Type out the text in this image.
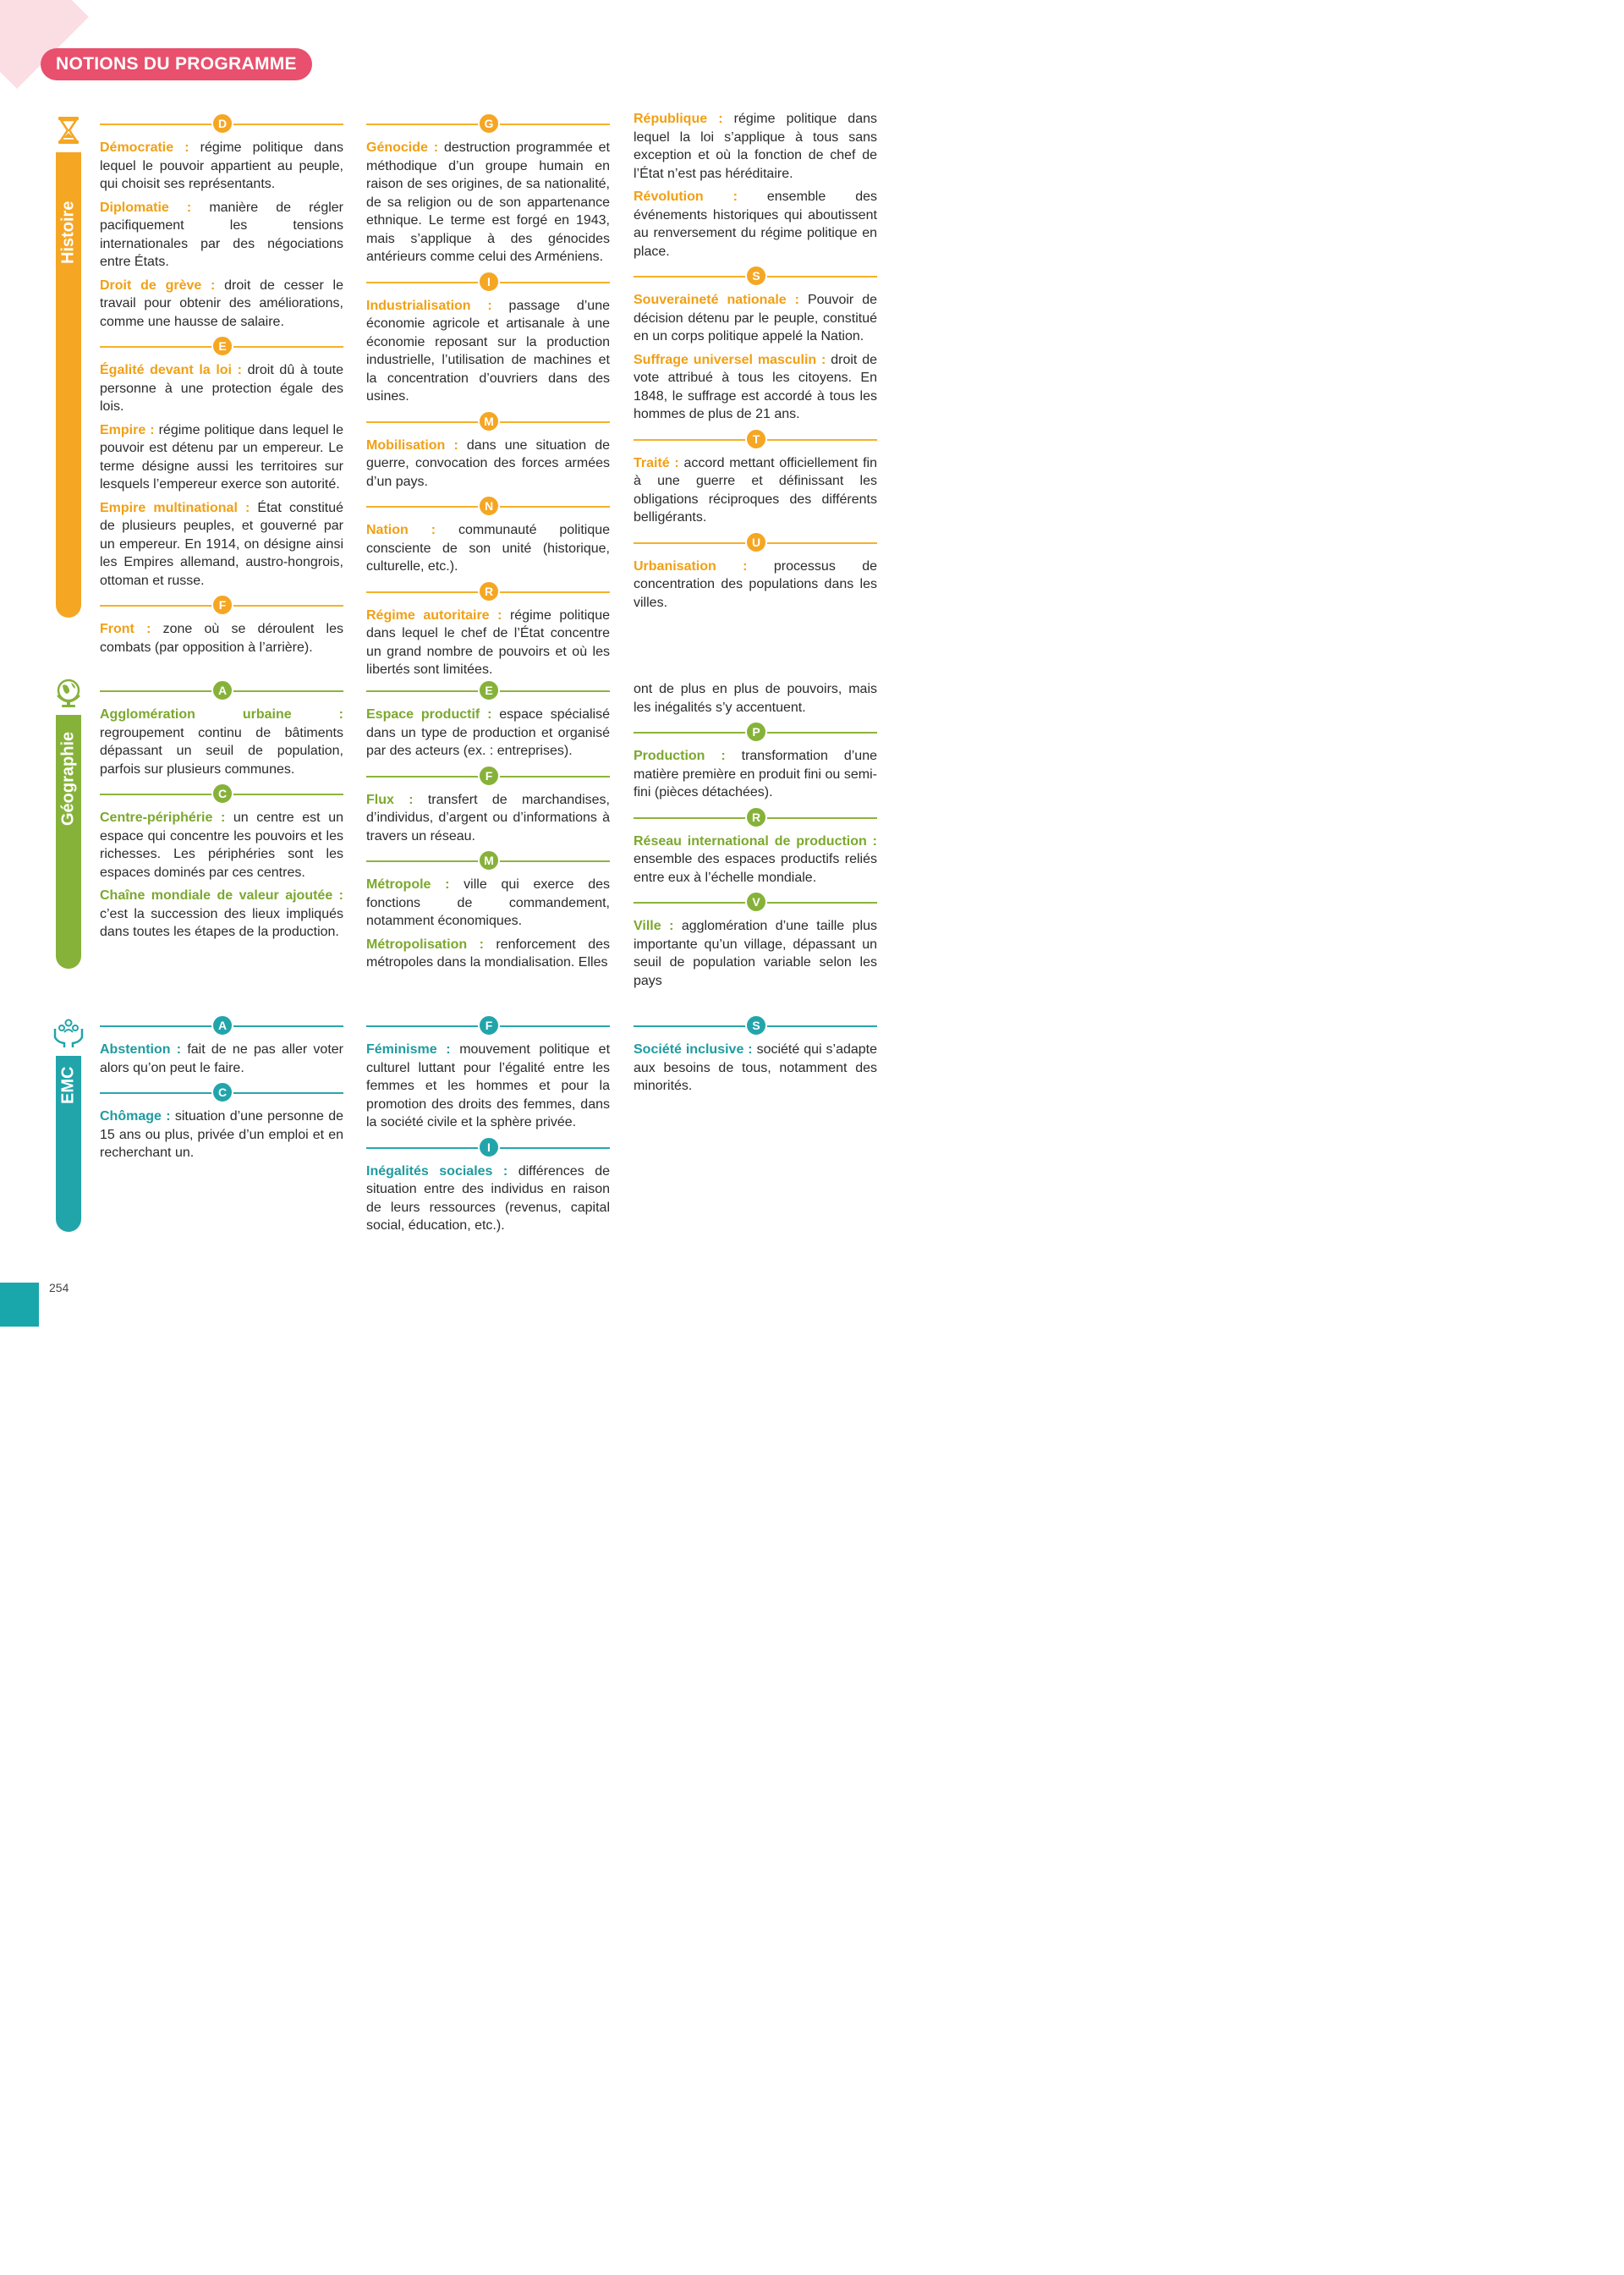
NOTIONS DU PROGRAMME
Histoire
D
Démocratie : régime politique dans lequel le pouvoir appartient au peuple, qui choisit ses représentants.
Diplomatie : manière de régler pacifiquement les tensions internationales par des négociations entre États.
Droit de grève : droit de cesser le travail pour obtenir des améliorations, comme une hausse de salaire.
E
Égalité devant la loi : droit dû à toute personne à une protection égale des lois.
Empire : régime politique dans lequel le pouvoir est détenu par un empereur. Le terme désigne aussi les territoires sur lesquels l’empereur exerce son autorité.
Empire multinational : État constitué de plusieurs peuples, et gouverné par un empereur. En 1914, on désigne ainsi les Empires allemand, austro-hongrois, ottoman et russe.
F
Front : zone où se déroulent les combats (par opposition à l’arrière).
G
Génocide : destruction programmée et méthodique d’un groupe humain en raison de ses origines, de sa nationalité, de sa religion ou de son appartenance ethnique. Le terme est forgé en 1943, mais s’applique à des génocides antérieurs comme celui des Arméniens.
I
Industrialisation : passage d’une économie agricole et artisanale à une économie reposant sur la production industrielle, l’utilisation de machines et la concentration d’ouvriers dans des usines.
M
Mobilisation : dans une situation de guerre, convocation des forces armées d’un pays.
N
Nation : communauté politique consciente de son unité (historique, culturelle, etc.).
R
Régime autoritaire : régime politique dans lequel le chef de l’État concentre un grand nombre de pouvoirs et où les libertés sont limitées.
République : régime politique dans lequel la loi s’applique à tous sans exception et où la fonction de chef de l’État n’est pas héréditaire.
Révolution : ensemble des événements historiques qui aboutissent au renversement du régime politique en place.
S
Souveraineté nationale : Pouvoir de décision détenu par le peuple, constitué en un corps politique appelé la Nation.
Suffrage universel masculin : droit de vote attribué à tous les citoyens. En 1848, le suffrage est accordé à tous les hommes de plus de 21 ans.
T
Traité : accord mettant officiellement fin à une guerre et définissant les obligations réciproques des différents belligérants.
U
Urbanisation : processus de concentration des populations dans les villes.
Géographie
A
Agglomération urbaine : regroupement continu de bâtiments dépassant un seuil de population, parfois sur plusieurs communes.
C
Centre-périphérie : un centre est un espace qui concentre les pouvoirs et les richesses. Les périphéries sont les espaces dominés par ces centres.
Chaîne mondiale de valeur ajoutée : c’est la succession des lieux impliqués dans toutes les étapes de la production.
E
Espace productif : espace spécialisé dans un type de production et organisé par des acteurs (ex. : entreprises).
F
Flux : transfert de marchandises, d’individus, d’argent ou d’informations à travers un réseau.
M
Métropole : ville qui exerce des fonctions de commandement, notamment économiques.
Métropolisation : renforcement des métropoles dans la mondialisation. Elles
ont de plus en plus de pouvoirs, mais les inégalités s’y accentuent.
P
Production : transformation d’une matière première en produit fini ou semi-fini (pièces détachées).
R
Réseau international de production : ensemble des espaces productifs reliés entre eux à l’échelle mondiale.
V
Ville : agglomération d’une taille plus importante qu’un village, dépassant un seuil de population variable selon les pays
EMC
A
Abstention : fait de ne pas aller voter alors qu’on peut le faire.
C
Chômage : situation d’une personne de 15 ans ou plus, privée d’un emploi et en recherchant un.
F
Féminisme : mouvement politique et culturel luttant pour l’égalité entre les femmes et les hommes et pour la promotion des droits des femmes, dans la société civile et la sphère privée.
I
Inégalités sociales : différences de situation entre des individus en raison de leurs ressources (revenus, capital social, éducation, etc.).
S
Société inclusive : société qui s’adapte aux besoins de tous, notamment des minorités.
254
